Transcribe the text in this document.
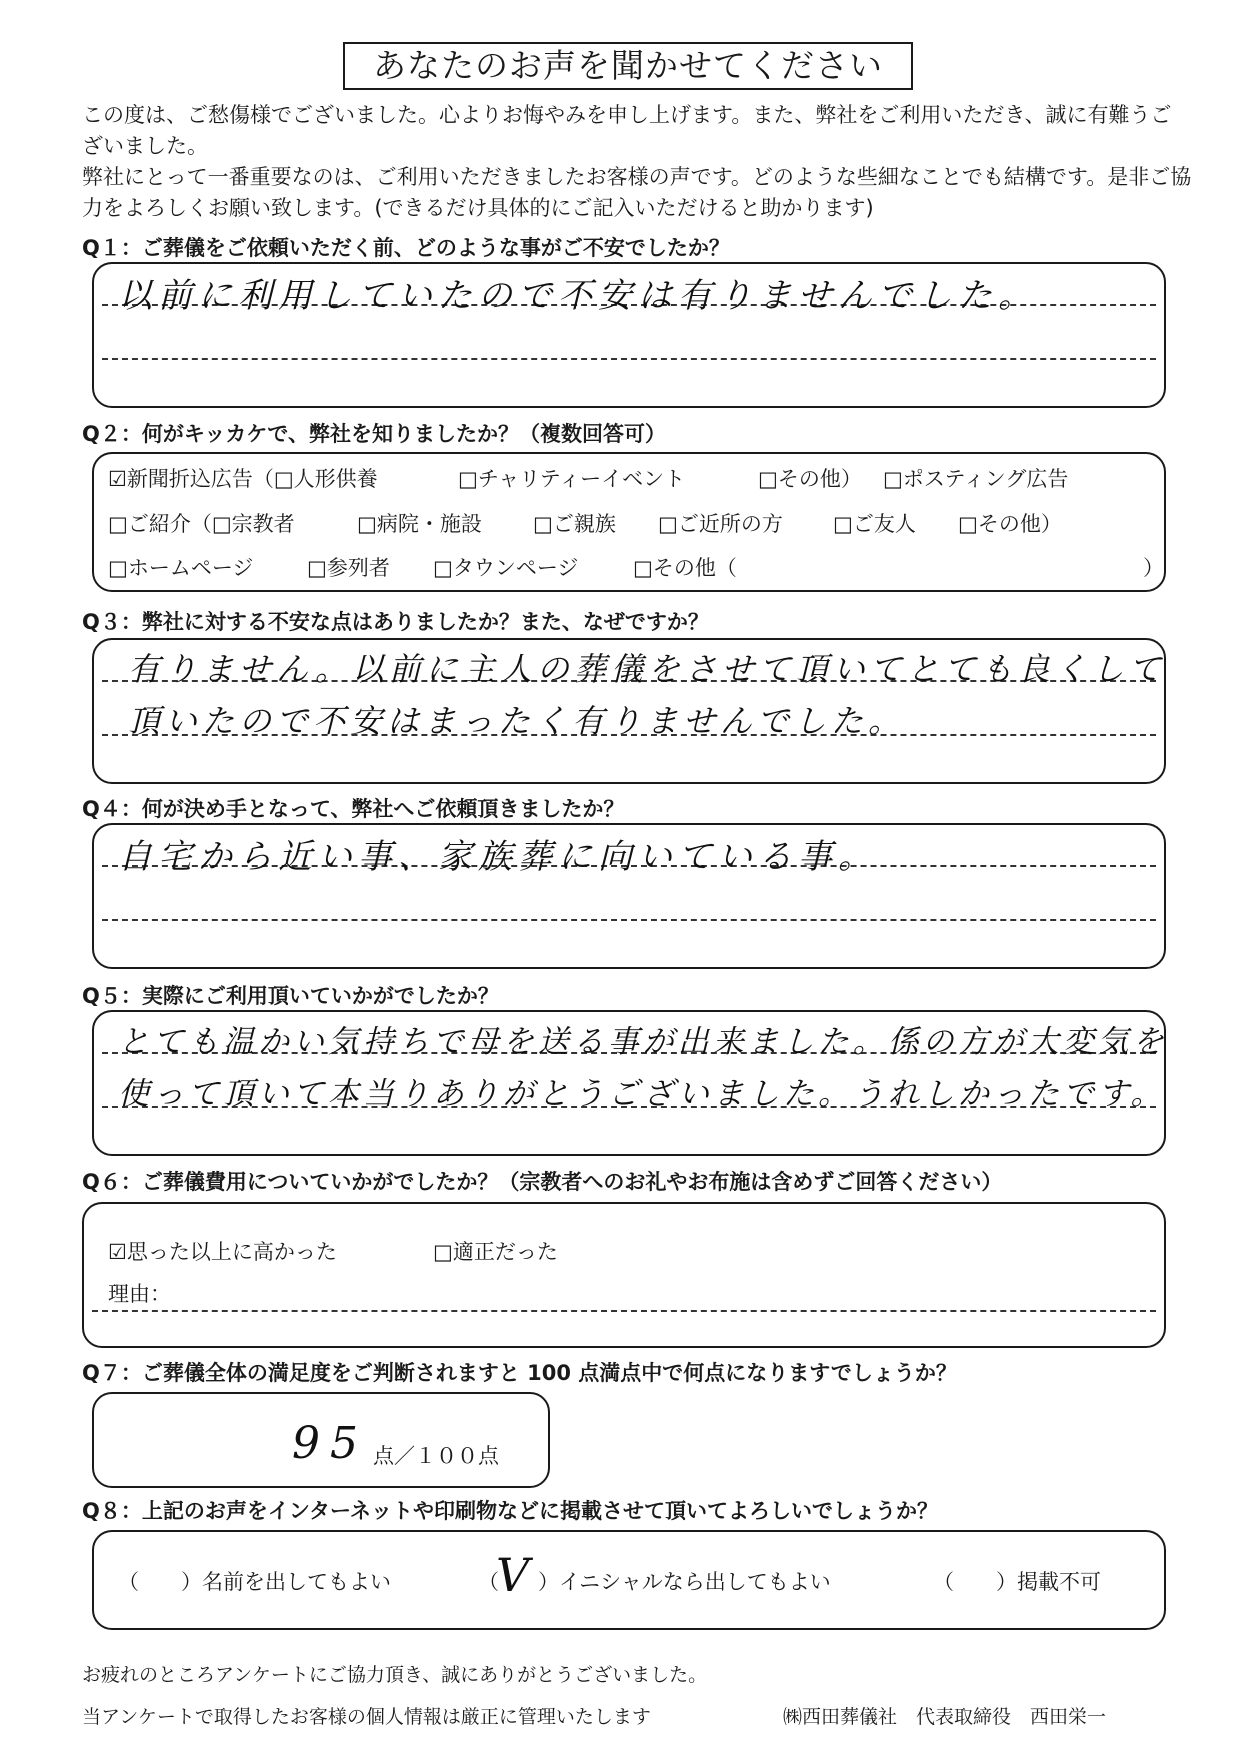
あなたのお声を聞かせてください

この度は、ご愁傷様でございました。心よりお悔やみを申し上げます。また、弊社をご利用いただき、誠に有難うございました。

弊社にとって一番重要なのは、ご利用いただきましたお客様の声です。どのような些細なことでも結構です。是非ご協力をよろしくお願い致します。(できるだけ具体的にご記入いただけると助かります)

Q１：ご葬儀をご依頼いただく前、どのような事がご不安でしたか？
以前に利用していたので不安は有りませんでした。
Q２：何がキッカケで、弊社を知りましたか？（複数回答可）
☑新聞折込広告（□人形供養	□チャリティーイベント	□その他） □ポスティング広告
□ご紹介（□宗教者	□病院・施設 □ご親族 □ご近所の方 □ご友人 □その他）
□ホームページ	□参列者 □タウンページ	□その他（	）
Q３：弊社に対する不安な点はありましたか？また、なぜですか？
有りません。以前に主人の葬儀をさせて頂いてとても良くして
頂いたので不安はまったく有りませんでした。
Q４：何が決め手となって、弊社へご依頼頂きましたか？
自宅から近い事、家族葬に向いている事。
Q５：実際にご利用頂いていかがでしたか？
とても温かい気持ちで母を送る事が出来ました。係の方が大変気を
使って頂いて本当りありがとうございました。うれしかったです。
Q６：ご葬儀費用についていかがでしたか？（宗教者へのお礼やお布施は含めずご回答ください）
☑思った以上に高かった	□適正だった
理由：
Q７：ご葬儀全体の満足度をご判断されますと 100 点満点中で何点になりますでしょうか？
95 点／１００点
Q８：上記のお声をインターネットや印刷物などに掲載させて頂いてよろしいでしょうか？
（　　）名前を出してもよい	（
V ）イニシャルなら出してもよい	（　　）掲載不可
お疲れのところアンケートにご協力頂き、誠にありがとうございました。
当アンケートで取得したお客様の個人情報は厳正に管理いたします	㈱西田葬儀社　代表取締役　西田栄一
